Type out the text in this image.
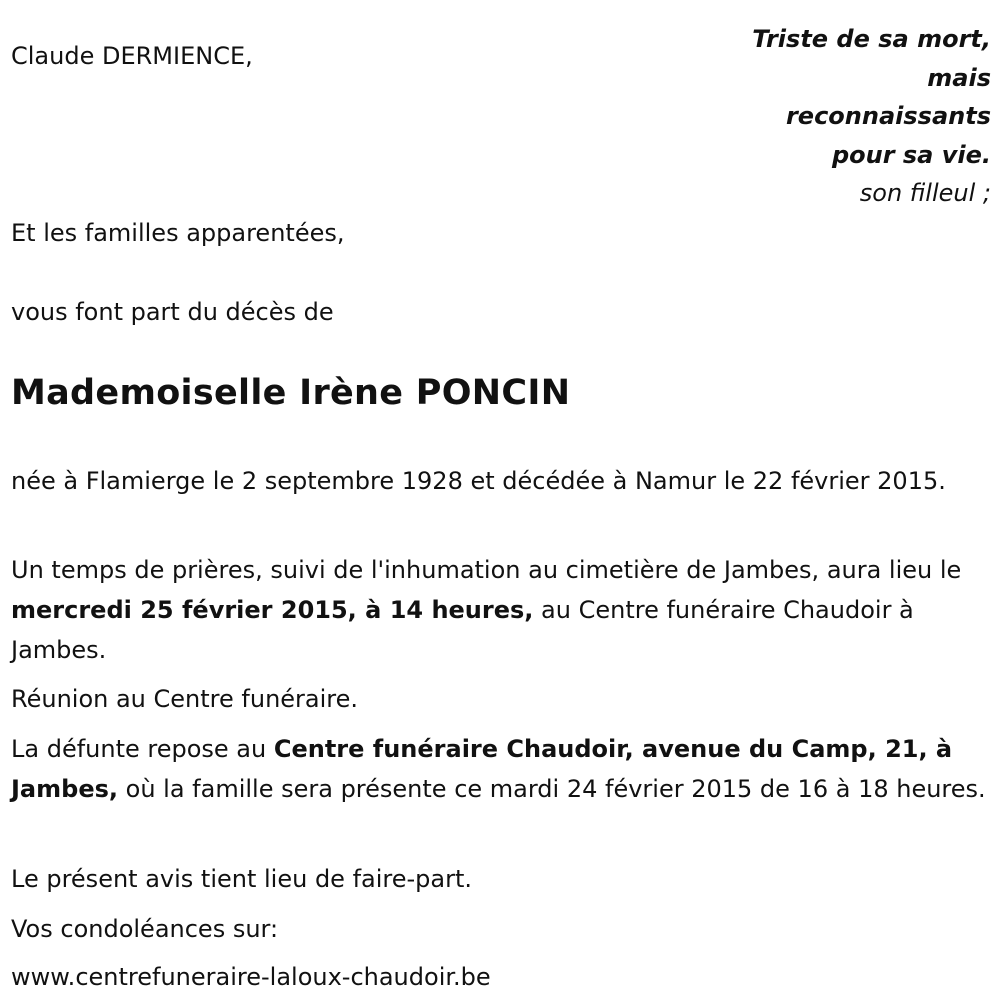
Claude DERMIENCE,

Triste de sa mort,
mais
reconnaissants
pour sa vie.
son filleul ;

Et les familles apparentées,

vous font part du décès de

Mademoiselle Irène PONCIN

née à Flamierge le 2 septembre 1928 et décédée à Namur le 22 février 2015.

Un temps de prières, suivi de l'inhumation au cimetière de Jambes, aura lieu le mercredi 25 février 2015, à 14 heures, au Centre funéraire Chaudoir à Jambes.

Réunion au Centre funéraire.

La défunte repose au Centre funéraire Chaudoir, avenue du Camp, 21, à Jambes, où la famille sera présente ce mardi 24 février 2015 de 16 à 18 heures.

Le présent avis tient lieu de faire-part.

Vos condoléances sur:

www.centrefuneraire-laloux-chaudoir.be
